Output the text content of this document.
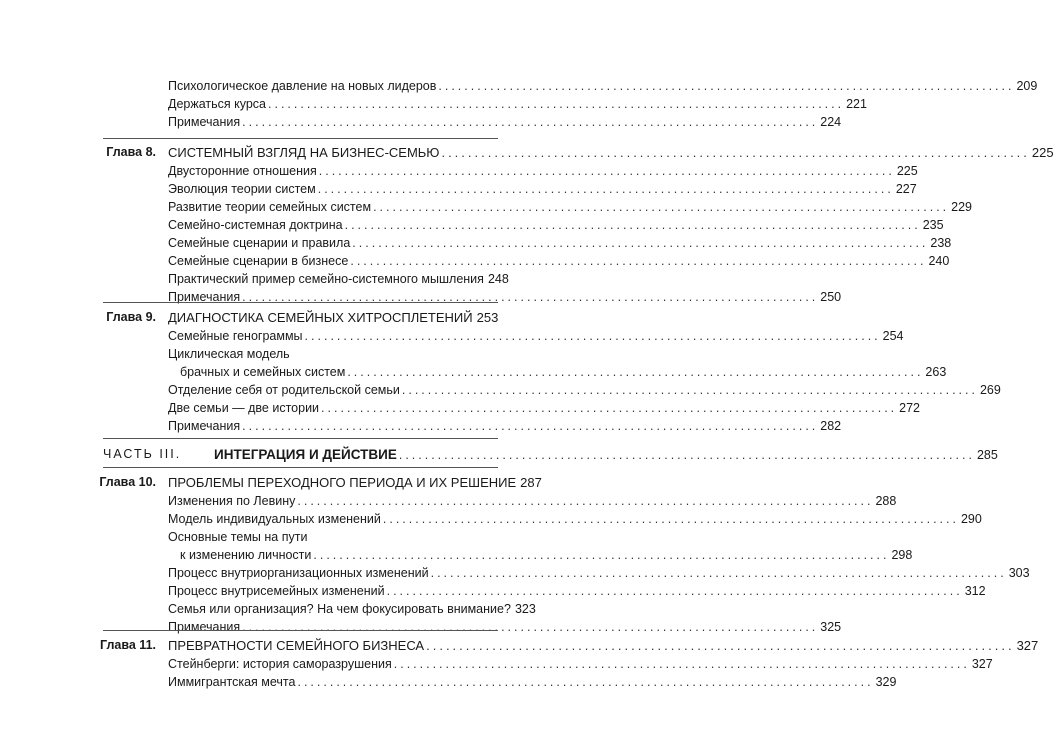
Психологическое давление на новых лидеров ......................................................................................... 209
Держаться курса ......................................................................................... 221
Примечания ......................................................................................... 224
Глава 8. СИСТЕМНЫЙ ВЗГЛЯД НА БИЗНЕС-СЕМЬЮ ......................................................................................... 225
Двусторонние отношения ......................................................................................... 225
Эволюция теории систем ......................................................................................... 227
Развитие теории семейных систем ......................................................................................... 229
Семейно-системная доктрина ......................................................................................... 235
Семейные сценарии и правила ......................................................................................... 238
Семейные сценарии в бизнесе ......................................................................................... 240
Практический пример семейно-системного мышления 248
Примечания ......................................................................................... 250
Глава 9. ДИАГНОСТИКА СЕМЕЙНЫХ ХИТРОСПЛЕТЕНИЙ 253
Семейные генограммы ......................................................................................... 254
Циклическая модель
брачных и семейных систем ......................................................................................... 263
Отделение себя от родительской семьи ......................................................................................... 269
Две семьи — две истории ......................................................................................... 272
Примечания ......................................................................................... 282
ЧАСТЬ III. ИНТЕГРАЦИЯ И ДЕЙСТВИЕ ......................................................................................... 285
Глава 10. ПРОБЛЕМЫ ПЕРЕХОДНОГО ПЕРИОДА И ИХ РЕШЕНИЕ 287
Изменения по Левину ......................................................................................... 288
Модель индивидуальных изменений ......................................................................................... 290
Основные темы на пути
к изменению личности ......................................................................................... 298
Процесс внутриорганизационных изменений ......................................................................................... 303
Процесс внутрисемейных изменений ......................................................................................... 312
Семья или организация? На чем фокусировать внимание? 323
Примечания ......................................................................................... 325
Глава 11. ПРЕВРАТНОСТИ СЕМЕЙНОГО БИЗНЕСА ......................................................................................... 327
Стейнберги: история саморазрушения ......................................................................................... 327
Иммигрантская мечта ......................................................................................... 329
